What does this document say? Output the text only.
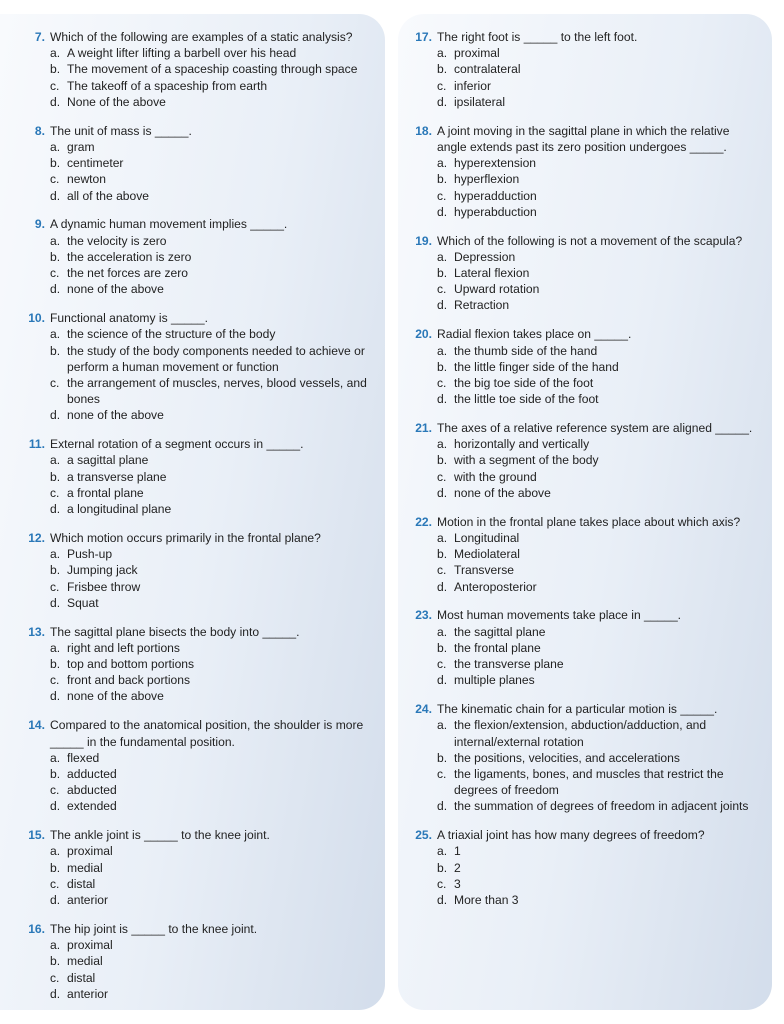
7. Which of the following are examples of a static analysis?
a. A weight lifter lifting a barbell over his head
b. The movement of a spaceship coasting through space
c. The takeoff of a spaceship from earth
d. None of the above
8. The unit of mass is _____.
a. gram
b. centimeter
c. newton
d. all of the above
9. A dynamic human movement implies _____.
a. the velocity is zero
b. the acceleration is zero
c. the net forces are zero
d. none of the above
10. Functional anatomy is _____.
a. the science of the structure of the body
b. the study of the body components needed to achieve or perform a human movement or function
c. the arrangement of muscles, nerves, blood vessels, and bones
d. none of the above
11. External rotation of a segment occurs in _____.
a. a sagittal plane
b. a transverse plane
c. a frontal plane
d. a longitudinal plane
12. Which motion occurs primarily in the frontal plane?
a. Push-up
b. Jumping jack
c. Frisbee throw
d. Squat
13. The sagittal plane bisects the body into _____.
a. right and left portions
b. top and bottom portions
c. front and back portions
d. none of the above
14. Compared to the anatomical position, the shoulder is more _____ in the fundamental position.
a. flexed
b. adducted
c. abducted
d. extended
15. The ankle joint is _____ to the knee joint.
a. proximal
b. medial
c. distal
d. anterior
16. The hip joint is _____ to the knee joint.
a. proximal
b. medial
c. distal
d. anterior
17. The right foot is _____ to the left foot.
a. proximal
b. contralateral
c. inferior
d. ipsilateral
18. A joint moving in the sagittal plane in which the relative angle extends past its zero position undergoes _____.
a. hyperextension
b. hyperflexion
c. hyperadduction
d. hyperabduction
19. Which of the following is not a movement of the scapula?
a. Depression
b. Lateral flexion
c. Upward rotation
d. Retraction
20. Radial flexion takes place on _____.
a. the thumb side of the hand
b. the little finger side of the hand
c. the big toe side of the foot
d. the little toe side of the foot
21. The axes of a relative reference system are aligned _____.
a. horizontally and vertically
b. with a segment of the body
c. with the ground
d. none of the above
22. Motion in the frontal plane takes place about which axis?
a. Longitudinal
b. Mediolateral
c. Transverse
d. Anteroposterior
23. Most human movements take place in _____.
a. the sagittal plane
b. the frontal plane
c. the transverse plane
d. multiple planes
24. The kinematic chain for a particular motion is _____.
a. the flexion/extension, abduction/adduction, and internal/external rotation
b. the positions, velocities, and accelerations
c. the ligaments, bones, and muscles that restrict the degrees of freedom
d. the summation of degrees of freedom in adjacent joints
25. A triaxial joint has how many degrees of freedom?
a. 1
b. 2
c. 3
d. More than 3
